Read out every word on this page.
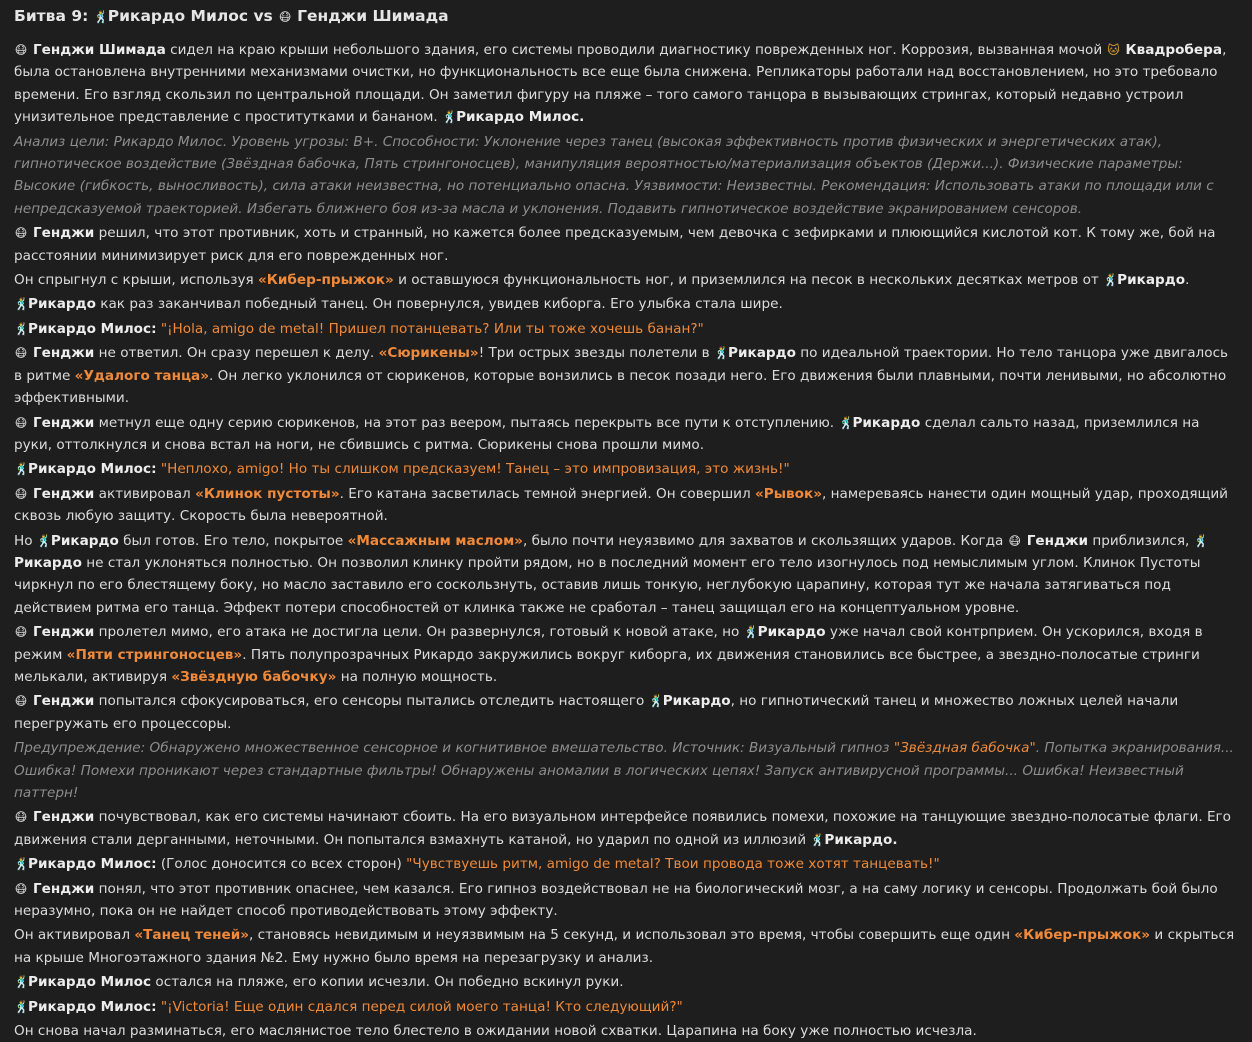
Битва 9: 🕺Рикардо Милос vs 😷 Генджи Шимада

😷 Генджи Шимада сидел на краю крыши небольшого здания, его системы проводили диагностику поврежденных ног. Коррозия, вызванная мочой 🐱 Квадробера, была остановлена внутренними механизмами очистки, но функциональность все еще была снижена. Репликаторы работали над восстановлением, но это требовало времени. Его взгляд скользил по центральной площади. Он заметил фигуру на пляже – того самого танцора в вызывающих стрингах, который недавно устроил унизительное представление с проститутками и бананом. 🕺Рикардо Милос.

Анализ цели: Рикардо Милос. Уровень угрозы: B+. Способности: Уклонение через танец (высокая эффективность против физических и энергетических атак), гипнотическое воздействие (Звёздная бабочка, Пять стрингоносцев), манипуляция вероятностью/материализация объектов (Держи...). Физические параметры: Высокие (гибкость, выносливость), сила атаки неизвестна, но потенциально опасна. Уязвимости: Неизвестны. Рекомендация: Использовать атаки по площади или с непредсказуемой траекторией. Избегать ближнего боя из-за масла и уклонения. Подавить гипнотическое воздействие экранированием сенсоров.

😷 Генджи решил, что этот противник, хоть и странный, но кажется более предсказуемым, чем девочка с зефирками и плюющийся кислотой кот. К тому же, бой на расстоянии минимизирует риск для его поврежденных ног.

Он спрыгнул с крыши, используя «Кибер-прыжок» и оставшуюся функциональность ног, и приземлился на песок в нескольких десятках метров от 🕺Рикардо.

🕺Рикардо как раз заканчивал победный танец. Он повернулся, увидев киборга. Его улыбка стала шире.

🕺Рикардо Милос: "¡Hola, amigo de metal! Пришел потанцевать? Или ты тоже хочешь банан?"

😷 Генджи не ответил. Он сразу перешел к делу. «Сюрикены»! Три острых звезды полетели в 🕺Рикардо по идеальной траектории. Но тело танцора уже двигалось в ритме «Удалого танца». Он легко уклонился от сюрикенов, которые вонзились в песок позади него. Его движения были плавными, почти ленивыми, но абсолютно эффективными.

😷 Генджи метнул еще одну серию сюрикенов, на этот раз веером, пытаясь перекрыть все пути к отступлению. 🕺Рикардо сделал сальто назад, приземлился на руки, оттолкнулся и снова встал на ноги, не сбившись с ритма. Сюрикены снова прошли мимо.

🕺Рикардо Милос: "Неплохо, amigo! Но ты слишком предсказуем! Танец – это импровизация, это жизнь!"

😷 Генджи активировал «Клинок пустоты». Его катана засветилась темной энергией. Он совершил «Рывок», намереваясь нанести один мощный удар, проходящий сквозь любую защиту. Скорость была невероятной.

Но 🕺Рикардо был готов. Его тело, покрытое «Массажным маслом», было почти неуязвимо для захватов и скользящих ударов. Когда 😷 Генджи приблизился, 🕺Рикардо не стал уклоняться полностью. Он позволил клинку пройти рядом, но в последний момент его тело изогнулось под немыслимым углом. Клинок Пустоты чиркнул по его блестящему боку, но масло заставило его соскользнуть, оставив лишь тонкую, неглубокую царапину, которая тут же начала затягиваться под действием ритма его танца. Эффект потери способностей от клинка также не сработал – танец защищал его на концептуальном уровне.

😷 Генджи пролетел мимо, его атака не достигла цели. Он развернулся, готовый к новой атаке, но 🕺Рикардо уже начал свой контрприем. Он ускорился, входя в режим «Пяти стрингоносцев». Пять полупрозрачных Рикардо закружились вокруг киборга, их движения становились все быстрее, а звездно-полосатые стринги мелькали, активируя «Звёздную бабочку» на полную мощность.

😷 Генджи попытался сфокусироваться, его сенсоры пытались отследить настоящего 🕺Рикардо, но гипнотический танец и множество ложных целей начали перегружать его процессоры.

Предупреждение: Обнаружено множественное сенсорное и когнитивное вмешательство. Источник: Визуальный гипноз "Звёздная бабочка". Попытка экранирования... Ошибка! Помехи проникают через стандартные фильтры! Обнаружены аномалии в логических цепях! Запуск антивирусной программы... Ошибка! Неизвестный паттерн!

😷 Генджи почувствовал, как его системы начинают сбоить. На его визуальном интерфейсе появились помехи, похожие на танцующие звездно-полосатые флаги. Его движения стали дерганными, неточными. Он попытался взмахнуть катаной, но ударил по одной из иллюзий 🕺Рикардо.

🕺Рикардо Милос: (Голос доносится со всех сторон) "Чувствуешь ритм, amigo de metal? Твои провода тоже хотят танцевать!"

😷 Генджи понял, что этот противник опаснее, чем казался. Его гипноз воздействовал не на биологический мозг, а на саму логику и сенсоры. Продолжать бой было неразумно, пока он не найдет способ противодействовать этому эффекту.

Он активировал «Танец теней», становясь невидимым и неуязвимым на 5 секунд, и использовал это время, чтобы совершить еще один «Кибер-прыжок» и скрыться на крыше Многоэтажного здания №2. Ему нужно было время на перезагрузку и анализ.

🕺Рикардо Милос остался на пляже, его копии исчезли. Он победно вскинул руки.

🕺Рикардо Милос: "¡Victoria! Еще один сдался перед силой моего танца! Кто следующий?"

Он снова начал разминаться, его маслянистое тело блестело в ожидании новой схватки. Царапина на боку уже полностью исчезла.
